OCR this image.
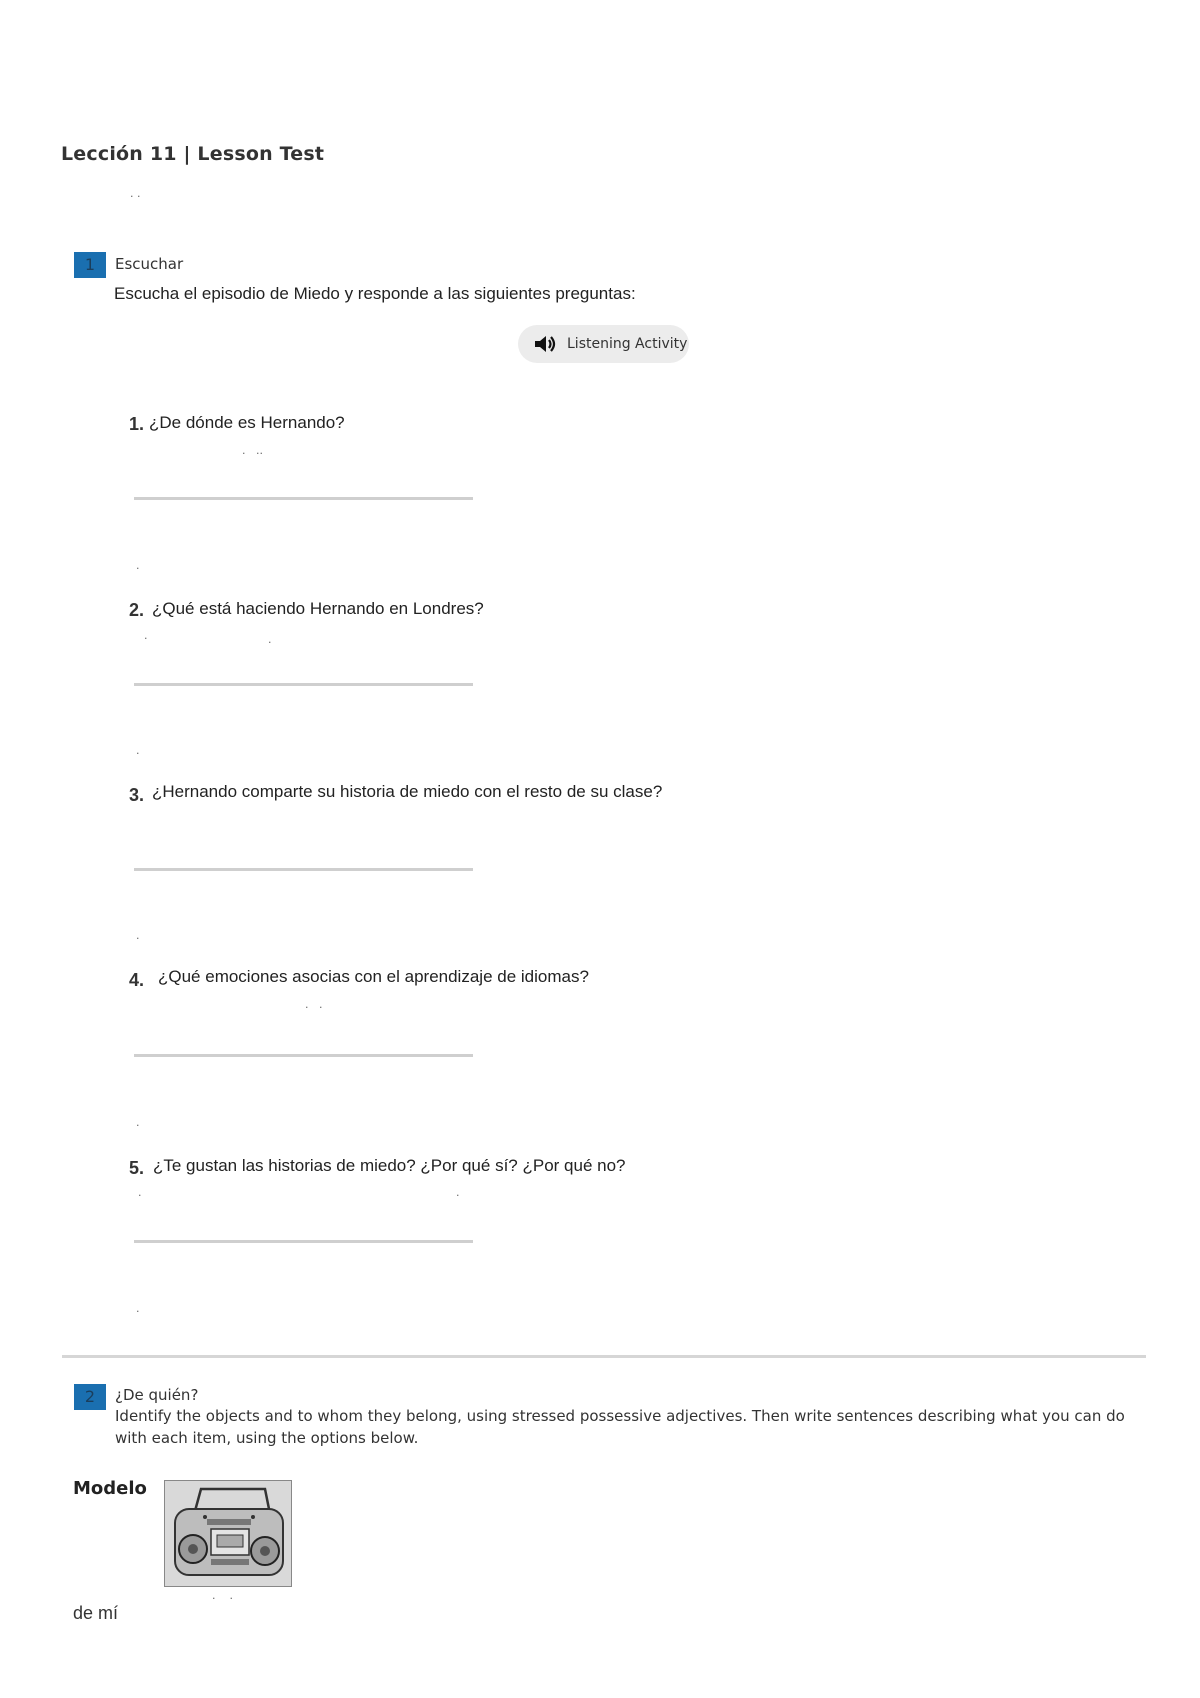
Lección 11 | Lesson Test
. .
1	Escuchar
Escucha el episodio de Miedo y responde a las siguientes preguntas:
Listening Activity
1. ¿De dónde es Hernando?
.   ..
.
2. ¿Qué está haciendo Hernando en Londres?
.	.
.
3. ¿Hernando comparte su historia de miedo con el resto de su clase?
.
4. ¿Qué emociones asocias con el aprendizaje de idiomas?
.   .
.
5. ¿Te gustan las historias de miedo? ¿Por qué sí? ¿Por qué no?
.	.
.
2	¿De quién?
Identify the objects and to whom they belong, using stressed possessive adjectives. Then write sentences describing what you can do with each item, using the options below.
Modelo
.    .
de mí
